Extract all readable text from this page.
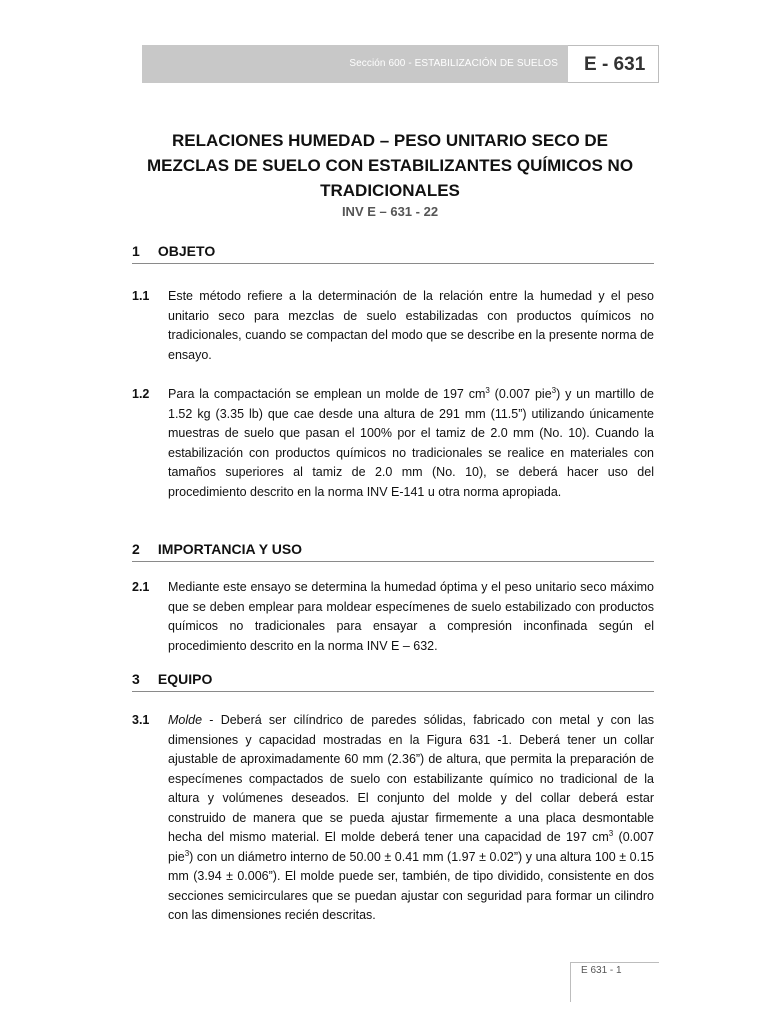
Sección 600 - ESTABILIZACIÓN DE SUELOS E - 631
RELACIONES HUMEDAD – PESO UNITARIO SECO DE
MEZCLAS DE SUELO CON ESTABILIZANTES QUÍMICOS NO
TRADICIONALES
INV E – 631 - 22
1 OBJETO
1.1 Este método refiere a la determinación de la relación entre la humedad y el peso unitario seco para mezclas de suelo estabilizadas con productos químicos no tradicionales, cuando se compactan del modo que se describe en la presente norma de ensayo.
1.2 Para la compactación se emplean un molde de 197 $cm^3$ (0.007 pie$^3$) y un martillo de 1.52 kg (3.35 lb) que cae desde una altura de 291 mm (11.5”) utilizando únicamente muestras de suelo que pasan el 100% por el tamiz de 2.0 mm (No. 10). Cuando la estabilización con productos químicos no tradicionales se realice en materiales con tamaños superiores al tamiz de 2.0 mm (No. 10), se deberá hacer uso del procedimiento descrito en la norma INV E-141 u otra norma apropiada.
2 IMPORTANCIA Y USO
2.1 Mediante este ensayo se determina la humedad óptima y el peso unitario seco máximo que se deben emplear para moldear especímenes de suelo estabilizado con productos químicos no tradicionales para ensayar a compresión inconfinada según el procedimiento descrito en la norma INV E – 632.
3 EQUIPO
3.1 Molde - Deberá ser cilíndrico de paredes sólidas, fabricado con metal y con las dimensiones y capacidad mostradas en la Figura 631 -1. Deberá tener un collar ajustable de aproximadamente 60 mm (2.36”) de altura, que permita la preparación de especímenes compactados de suelo con estabilizante químico no tradicional de la altura y volúmenes deseados. El conjunto del molde y del collar deberá estar construido de manera que se pueda ajustar firmemente a una placa desmontable hecha del mismo material. El molde deberá tener una capacidad de 197 $cm^3$ (0.007 pie$^3$) con un diámetro interno de 50.00 ± 0.41 mm (1.97 ± 0.02”) y una altura 100 ± 0.15 mm (3.94 ± 0.006”). El molde puede ser, también, de tipo dividido, consistente en dos secciones semicirculares que se puedan ajustar con seguridad para formar un cilindro con las dimensiones recién descritas.
E 631 - 1
